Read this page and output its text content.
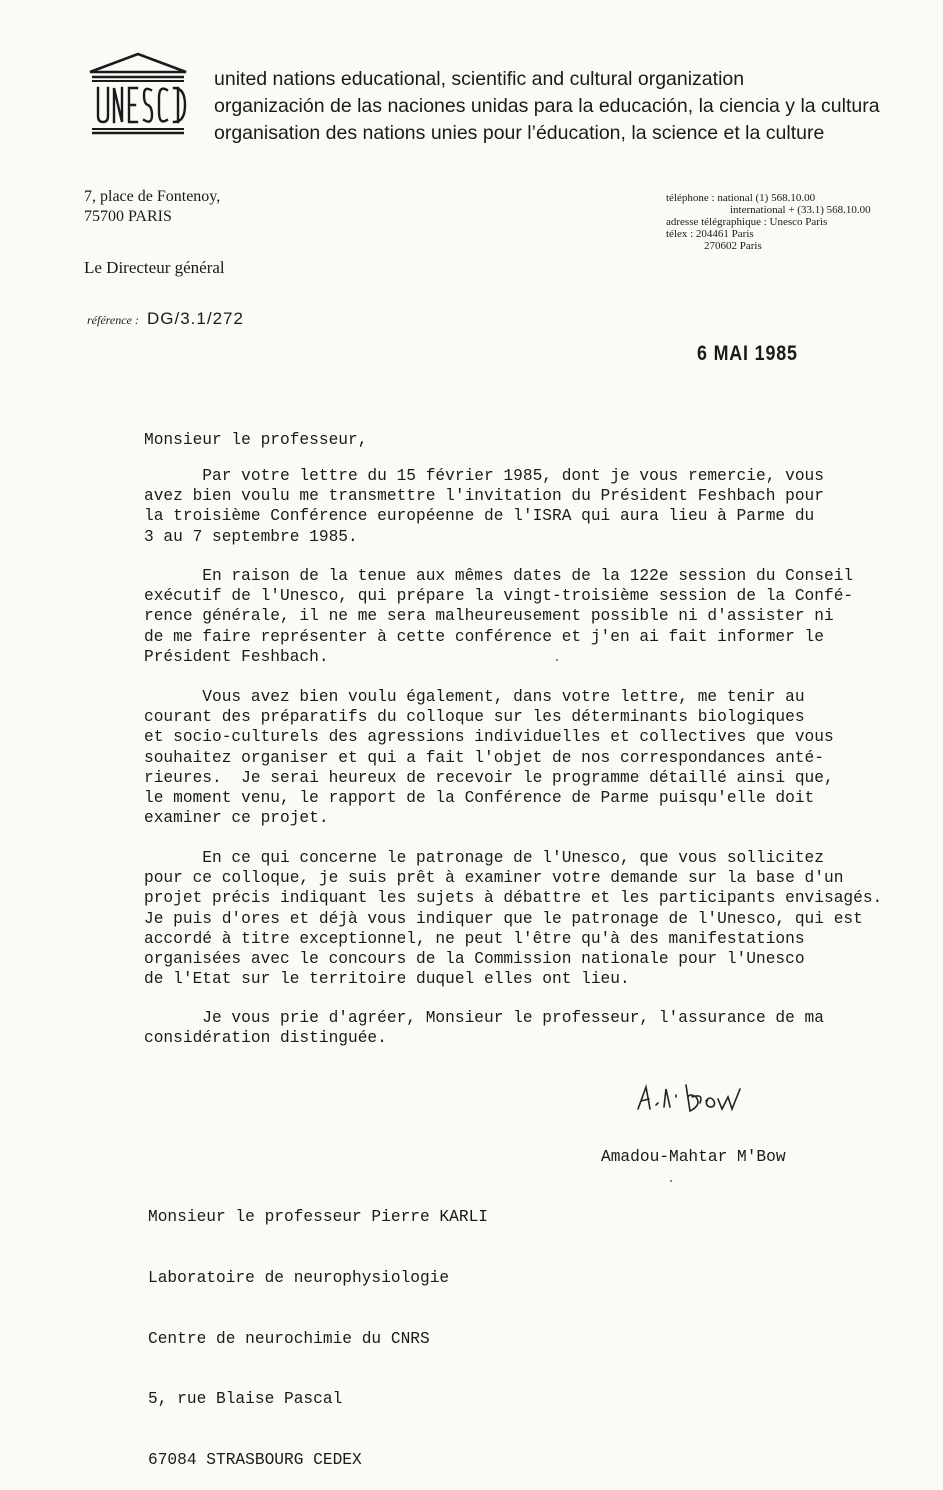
united nations educational, scientific and cultural organization
organización de las naciones unidas para la educación, la ciencia y la cultura
organisation des nations unies pour l’éducation, la science et la culture
7, place de Fontenoy,
75700 PARIS
téléphone : national (1) 568.10.00
international + (33.1) 568.10.00
adresse télégraphique : Unesco Paris
télex : 204461 Paris
270602 Paris
Le Directeur général
référence : DG/3.1/272
6 MAI 1985
Monsieur le professeur,
Par votre lettre du 15 février 1985, dont je vous remercie, vous
avez bien voulu me transmettre l'invitation du Président Feshbach pour
la troisième Conférence européenne de l'ISRA qui aura lieu à Parme du
3 au 7 septembre 1985.
En raison de la tenue aux mêmes dates de la 122e session du Conseil
exécutif de l'Unesco, qui prépare la vingt-troisième session de la Confé-
rence générale, il ne me sera malheureusement possible ni d'assister ni
de me faire représenter à cette conférence et j'en ai fait informer le
Président Feshbach.
Vous avez bien voulu également, dans votre lettre, me tenir au
courant des préparatifs du colloque sur les déterminants biologiques
et socio-culturels des agressions individuelles et collectives que vous
souhaitez organiser et qui a fait l'objet de nos correspondances anté-
rieures.  Je serai heureux de recevoir le programme détaillé ainsi que,
le moment venu, le rapport de la Conférence de Parme puisqu'elle doit
examiner ce projet.
En ce qui concerne le patronage de l'Unesco, que vous sollicitez
pour ce colloque, je suis prêt à examiner votre demande sur la base d'un
projet précis indiquant les sujets à débattre et les participants envisagés.
Je puis d'ores et déjà vous indiquer que le patronage de l'Unesco, qui est
accordé à titre exceptionnel, ne peut l'être qu'à des manifestations
organisées avec le concours de la Commission nationale pour l'Unesco
de l'Etat sur le territoire duquel elles ont lieu.
Je vous prie d'agréer, Monsieur le professeur, l'assurance de ma
considération distinguée.
Amadou-Mahtar M'Bow

Monsieur le professeur Pierre KARLI

Laboratoire de neurophysiologie

Centre de neurochimie du CNRS

5, rue Blaise Pascal

67084 STRASBOURG CEDEX
